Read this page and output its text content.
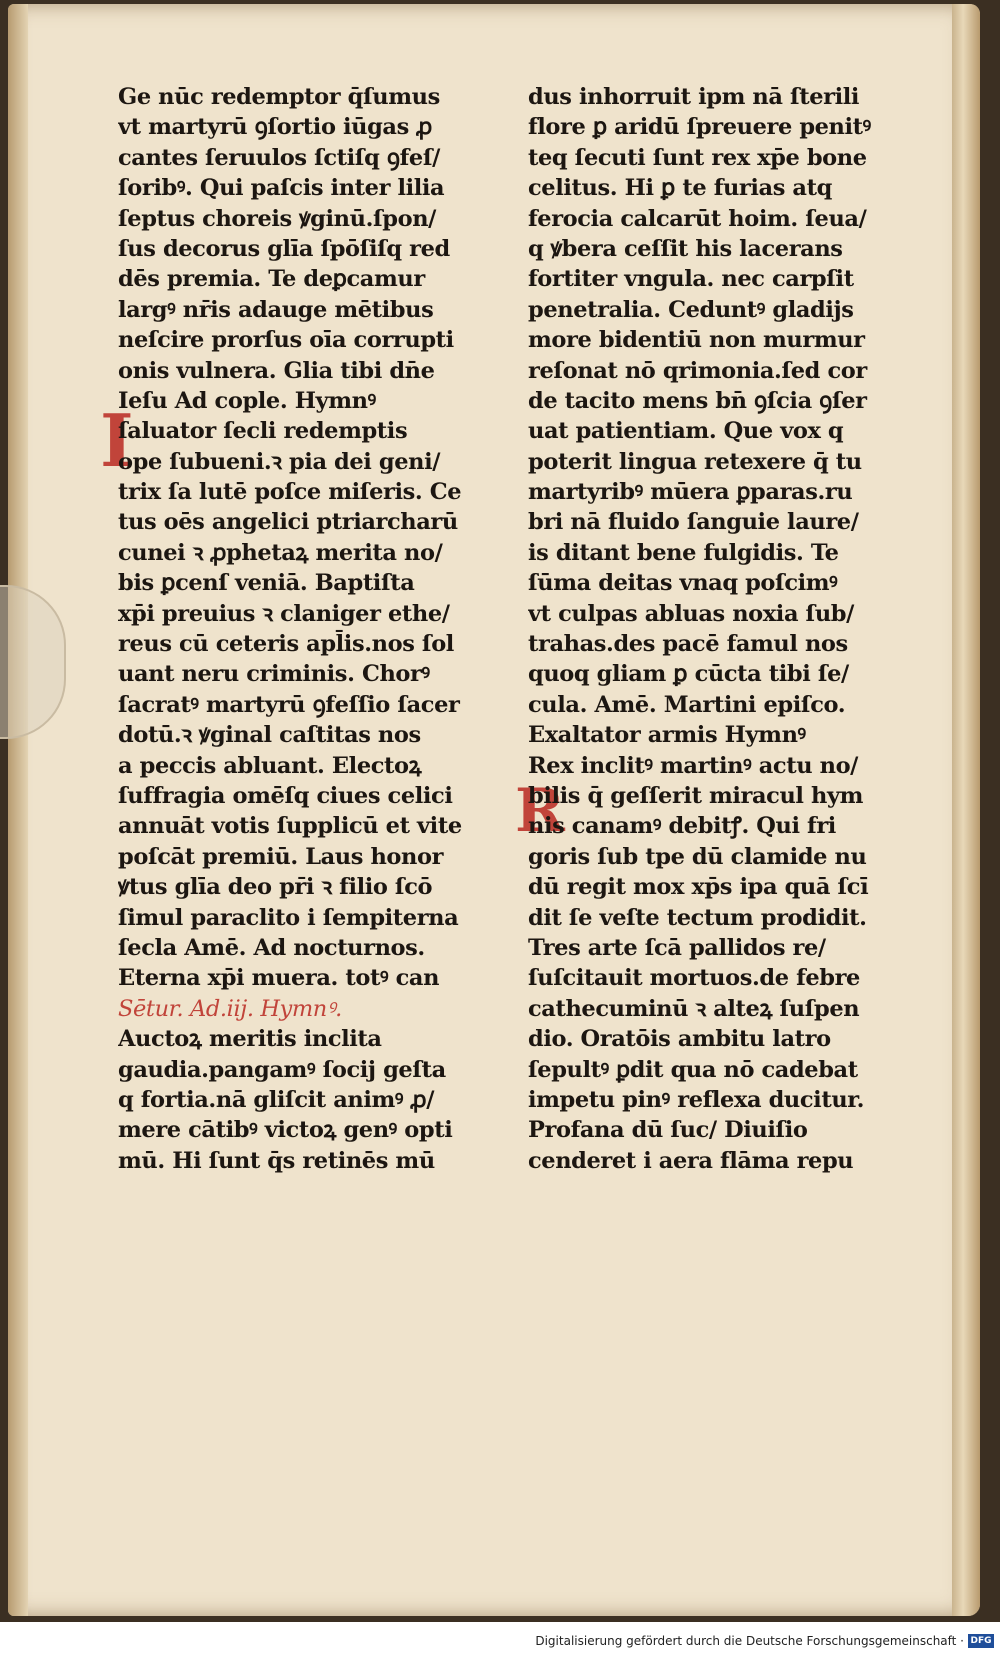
I
R
Ge nūc redemptor q̄ſumus
vt martyrū ꝯſortio iūgas ꝓ
cantes ſeruulos ſctiſq ꝯfeſ/
ſoribꝰ. Qui paſcis inter lilia
ſeptus choreis ꝟginū.ſpon/
ſus decorus glīa ſpōſiſq red
dēs premia. Te deꝑcamur
largꝰ nr̄is adauge mētibus
neſcire prorſus oīa corrupti
onis vulnera. Glia tibi dn̄e
Ieſu Ad cople. Hymnꝰ
ſaluator ſecli redemptis
ope ſubueni.ꝛ pia dei geni/
trix ſa lutē poſce miſeris. Ce
tus oēs angelici ptriarcharū
cunei ꝛ ꝓphetaꝝ merita no/
bis ꝑcenſ veniā. Baptiſta
xp̄i preuius ꝛ claniger ethe/
reus cū ceteris apl̄is.nos ſol
uant neru criminis. Chorꝰ
ſacratꝰ martyrū ꝯfeſſio ſacer
dotū.ꝛ ꝟginal caſtitas nos
a peccis abluant. Electoꝝ
ſuffragia omēſq ciues celici
annuāt votis ſupplicū et vite
poſcāt premiū. Laus honor
ꝟtus glīa deo pr̄i ꝛ filio ſcō
ſimul paraclito i ſempiterna
ſecla Amē. Ad nocturnos.
Eterna xp̄i muera. totꝰ can
Sētur. Ad.iij. Hymnꝰ.
Auctoꝝ meritis inclita
gaudia.pangamꝰ ſocij geſta
q fortia.nā gliſcit animꝰ ꝓ/
mere cātibꝰ victoꝝ genꝰ opti
mū. Hi ſunt q̄s retinēs mū
dus inhorruit ipm nā ſterili
flore ꝑ aridū ſpreuere penitꝰ
teq ſecuti ſunt rex xp̄e bone
celitus. Hi ꝑ te furias atq
ferocia calcarūt hoim. ſeua/
q ꝟbera ceſſit his lacerans
fortiter vngula. nec carpſit
penetralia. Ceduntꝰ gladijs
more bidentiū non murmur
reſonat nō qrimonia.ſed cor
de tacito mens bn̄ ꝯſcia ꝯſer
uat patientiam. Que vox q
poterit lingua retexere q̄ tu
martyribꝰ mūera ꝑparas.ru
bri nā fluido ſanguie laure/
is ditant bene fulgidis. Te
ſūma deitas vnaq poſcimꝰ
vt culpas abluas noxia ſub/
trahas.des pacē famul nos
quoq gliam ꝑ cūcta tibi ſe/
cula. Amē. Martini epiſco.
Exaltator armis Hymnꝰ
Rex inclitꝰ martinꝰ actu no/
bilis q̄ geſſerit miracul hym
nis canamꝰ debitꝭ. Qui fri
goris ſub tpe dū clamide nu
dū regit mox xp̄s ipa quā ſcī
dit ſe veſte tectum prodidit.
Tres arte ſcā pallidos re/
ſuſcitauit mortuos.de febre
cathecuminū ꝛ alteꝝ ſuſpen
dio. Oratōis ambitu latro
ſepultꝰ ꝑdit qua nō cadebat
impetu pinꝰ reflexa ducitur.
Profana dū ſuc/ Diuiſio
cenderet i aera flāma repu
Digitalisierung gefördert durch die Deutsche Forschungsgemeinschaft · DFG
